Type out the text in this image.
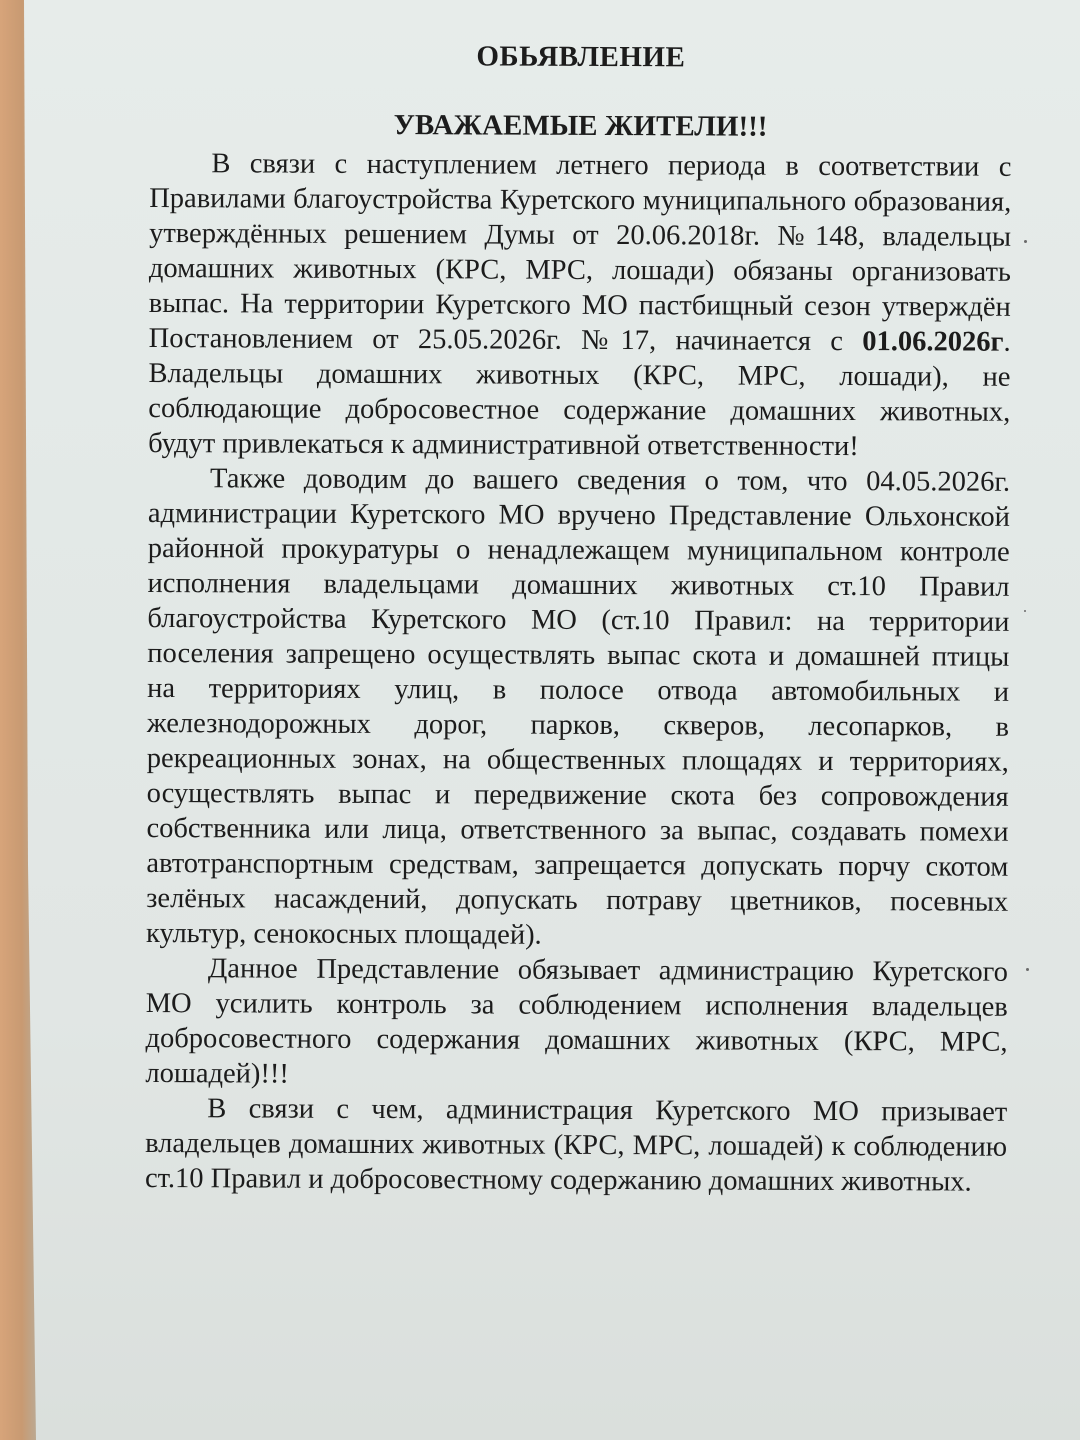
ОБЬЯВЛЕНИЕ
УВАЖАЕМЫЕ ЖИТЕЛИ!!!

В связи с наступлением летнего периода в соответствии с Правилами благоустройства Куретского муниципального образования, утверждённых решением Думы от 20.06.2018г. №148, владельцы домашних животных (КРС, МРС, лошади) обязаны организовать выпас. На территории Куретского МО пастбищный сезон утверждён Постановлением от 25.05.2026г. №17, начинается с 01.06.2026г. Владельцы домашних животных (КРС, МРС, лошади), не соблюдающие добросовестное содержание домашних животных, будут привлекаться к административной ответственности!

Также доводим до вашего сведения о том, что 04.05.2026г. администрации Куретского МО вручено Представление Ольхонской районной прокуратуры о ненадлежащем муниципальном контроле исполнения владельцами домашних животных ст.10 Правил благоустройства Куретского МО (ст.10 Правил: на территории поселения запрещено осуществлять выпас скота и домашней птицы на территориях улиц, в полосе отвода автомобильных и железнодорожных дорог, парков, скверов, лесопарков, в рекреационных зонах, на общественных площадях и территориях, осуществлять выпас и передвижение скота без сопровождения собственника или лица, ответственного за выпас, создавать помехи автотранспортным средствам, запрещается допускать порчу скотом зелёных насаждений, допускать потраву цветников, посевных культур, сенокосных площадей).

Данное Представление обязывает администрацию Куретского МО усилить контроль за соблюдением исполнения владельцев добросовестного содержания домашних животных (КРС, МРС, лошадей)!!!

В связи с чем, администрация Куретского МО призывает владельцев домашних животных (КРС, МРС, лошадей) к соблюдению ст.10 Правил и добросовестному содержанию домашних животных.
